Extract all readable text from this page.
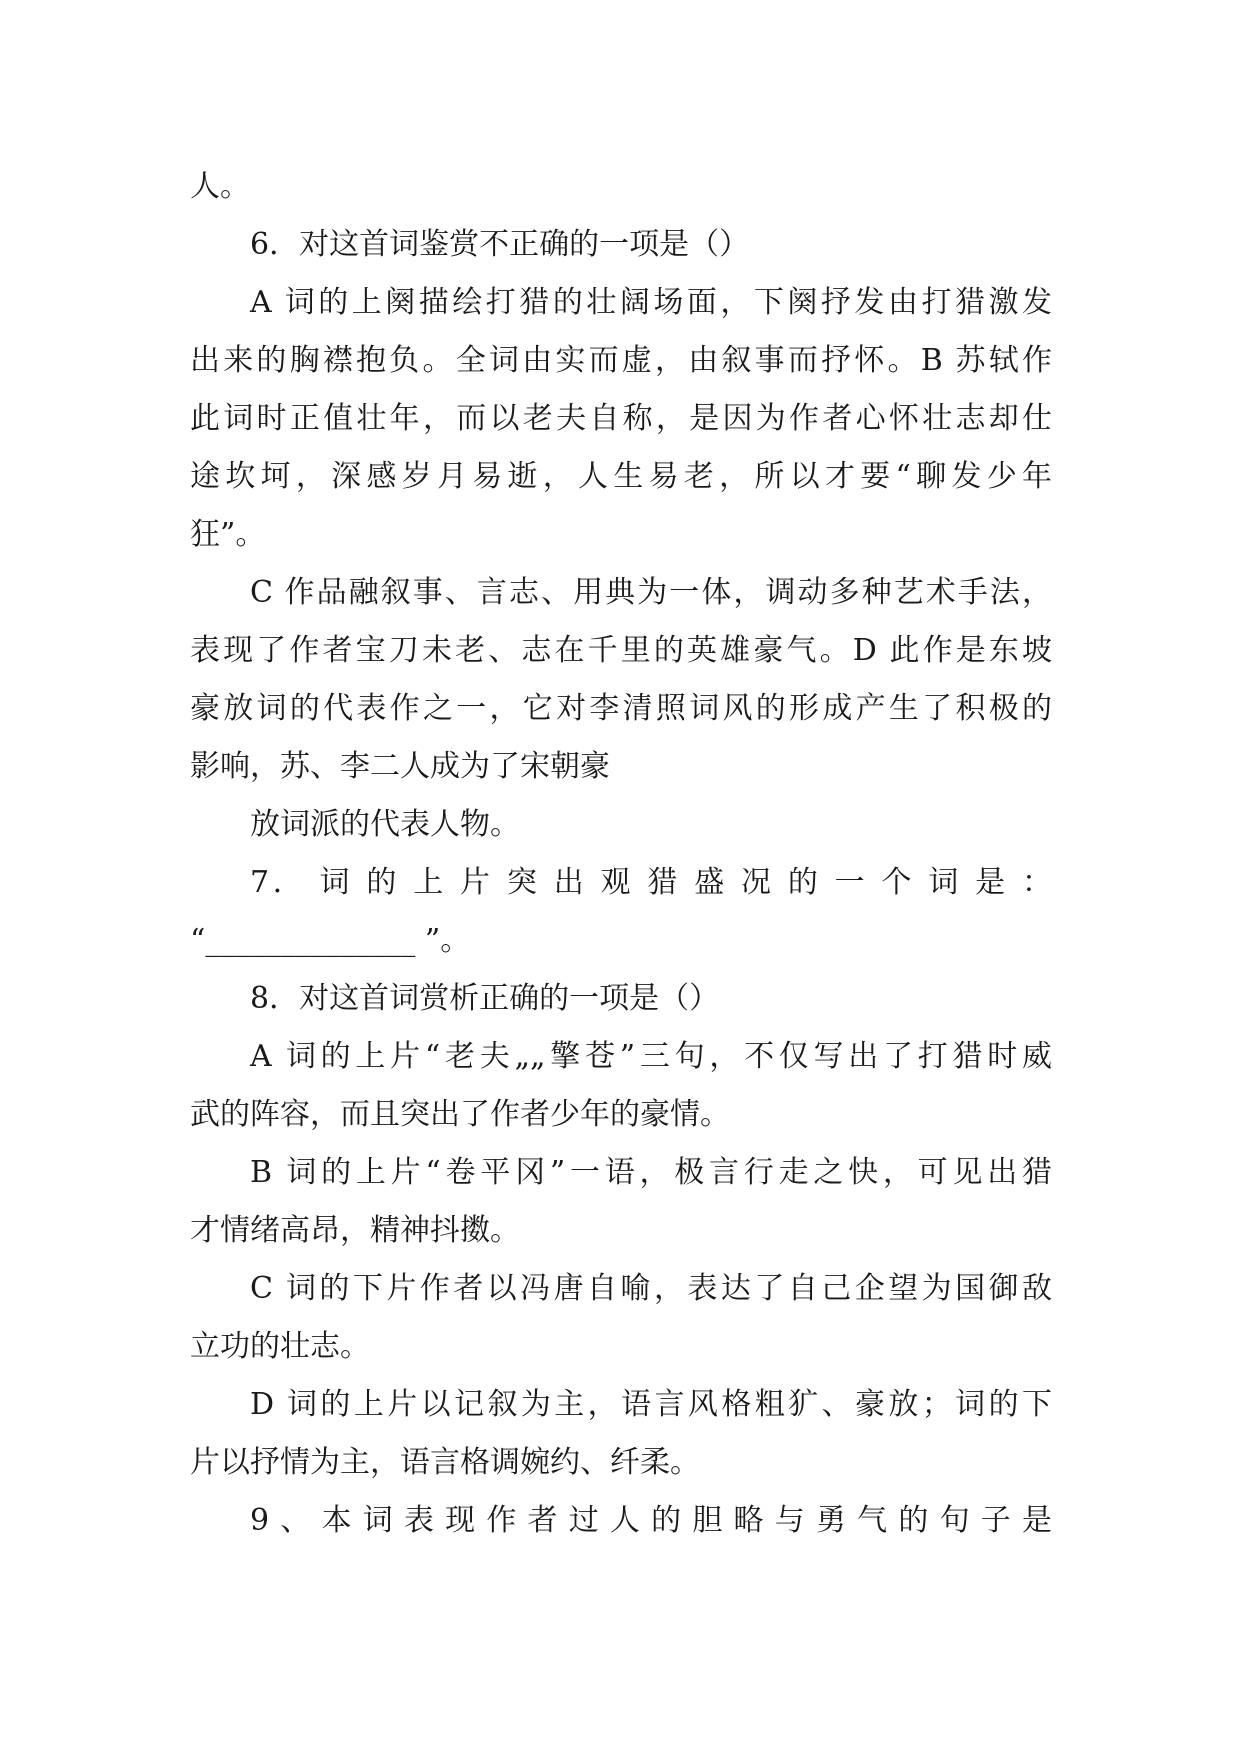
人。
6．对这首词鉴赏不正确的一项是（）
A 词的上阕描绘打猎的壮阔场面，下阕抒发由打猎激发
出来的胸襟抱负。全词由实而虚，由叙事而抒怀。B 苏轼作
此词时正值壮年，而以老夫自称，是因为作者心怀壮志却仕
途坎坷，深感岁月易逝，人生易老，所以才要“聊发少年
狂”。
C 作品融叙事、言志、用典为一体，调动多种艺术手法，
表现了作者宝刀未老、志在千里的英雄豪气。D 此作是东坡
豪放词的代表作之一，它对李清照词风的形成产生了积极的
影响，苏、李二人成为了宋朝豪
放词派的代表人物。
7． 词 的 上 片 突 出 观 猎 盛 况 的 一 个 词 是 ：
“______________ ”。
8．对这首词赏析正确的一项是（）
A 词的上片“老夫„„擎苍”三句，不仅写出了打猎时威
武的阵容，而且突出了作者少年的豪情。
B 词的上片“卷平冈”一语，极言行走之快，可见出猎
才情绪高昂，精神抖擞。
C 词的下片作者以冯唐自喻，表达了自己企望为国御敌
立功的壮志。
D 词的上片以记叙为主，语言风格粗犷、豪放；词的下
片以抒情为主，语言格调婉约、纤柔。
9、本词表现作者过人的胆略与勇气的句子是
